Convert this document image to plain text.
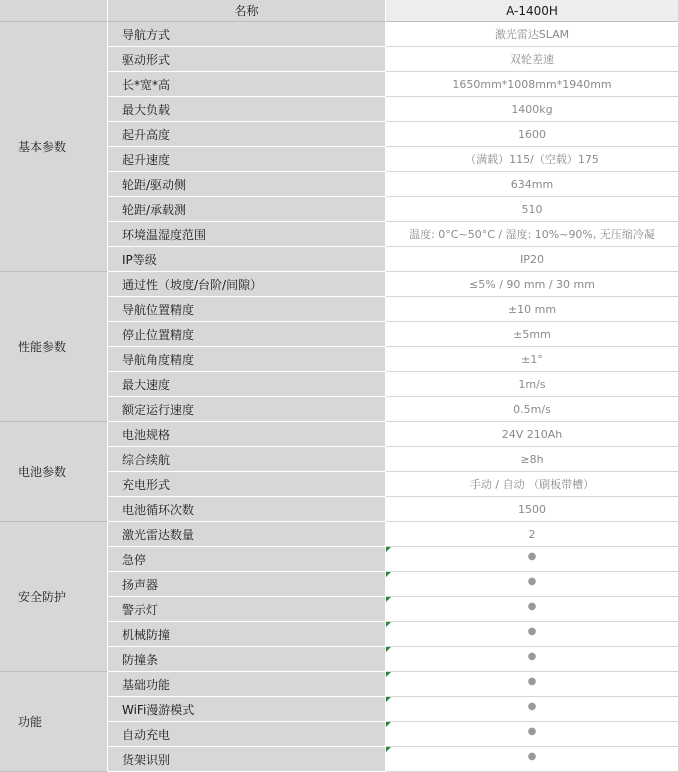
名称	A-1400H
基本参数
导航方式	激光雷达SLAM
驱动形式	双轮差速
长*宽*高	1650mm*1008mm*1940mm
最大负载	1400kg
起升高度	1600
起升速度	（满载）115/（空载）175
轮距/驱动侧	634mm
轮距/承载测	510
环境温湿度范围	温度: 0°C~50°C / 湿度: 10%~90%, 无压缩冷凝
IP等级	IP20
性能参数
通过性（坡度/台阶/间隙）	≤5% / 90 mm / 30 mm
导航位置精度	±10 mm
停止位置精度	±5mm
导航角度精度	±1°
最大速度	1m/s
额定运行速度	0.5m/s
电池参数
电池规格	24V 210Ah
综合续航	≥8h
充电形式	手动 / 自动 （刷板带槽）
电池循环次数	1500
安全防护
激光雷达数量	2
急停	●
扬声器	●
警示灯	●
机械防撞	●
防撞条	●
功能
基础功能	●
WiFi漫游模式	●
自动充电	●
货架识别	●
